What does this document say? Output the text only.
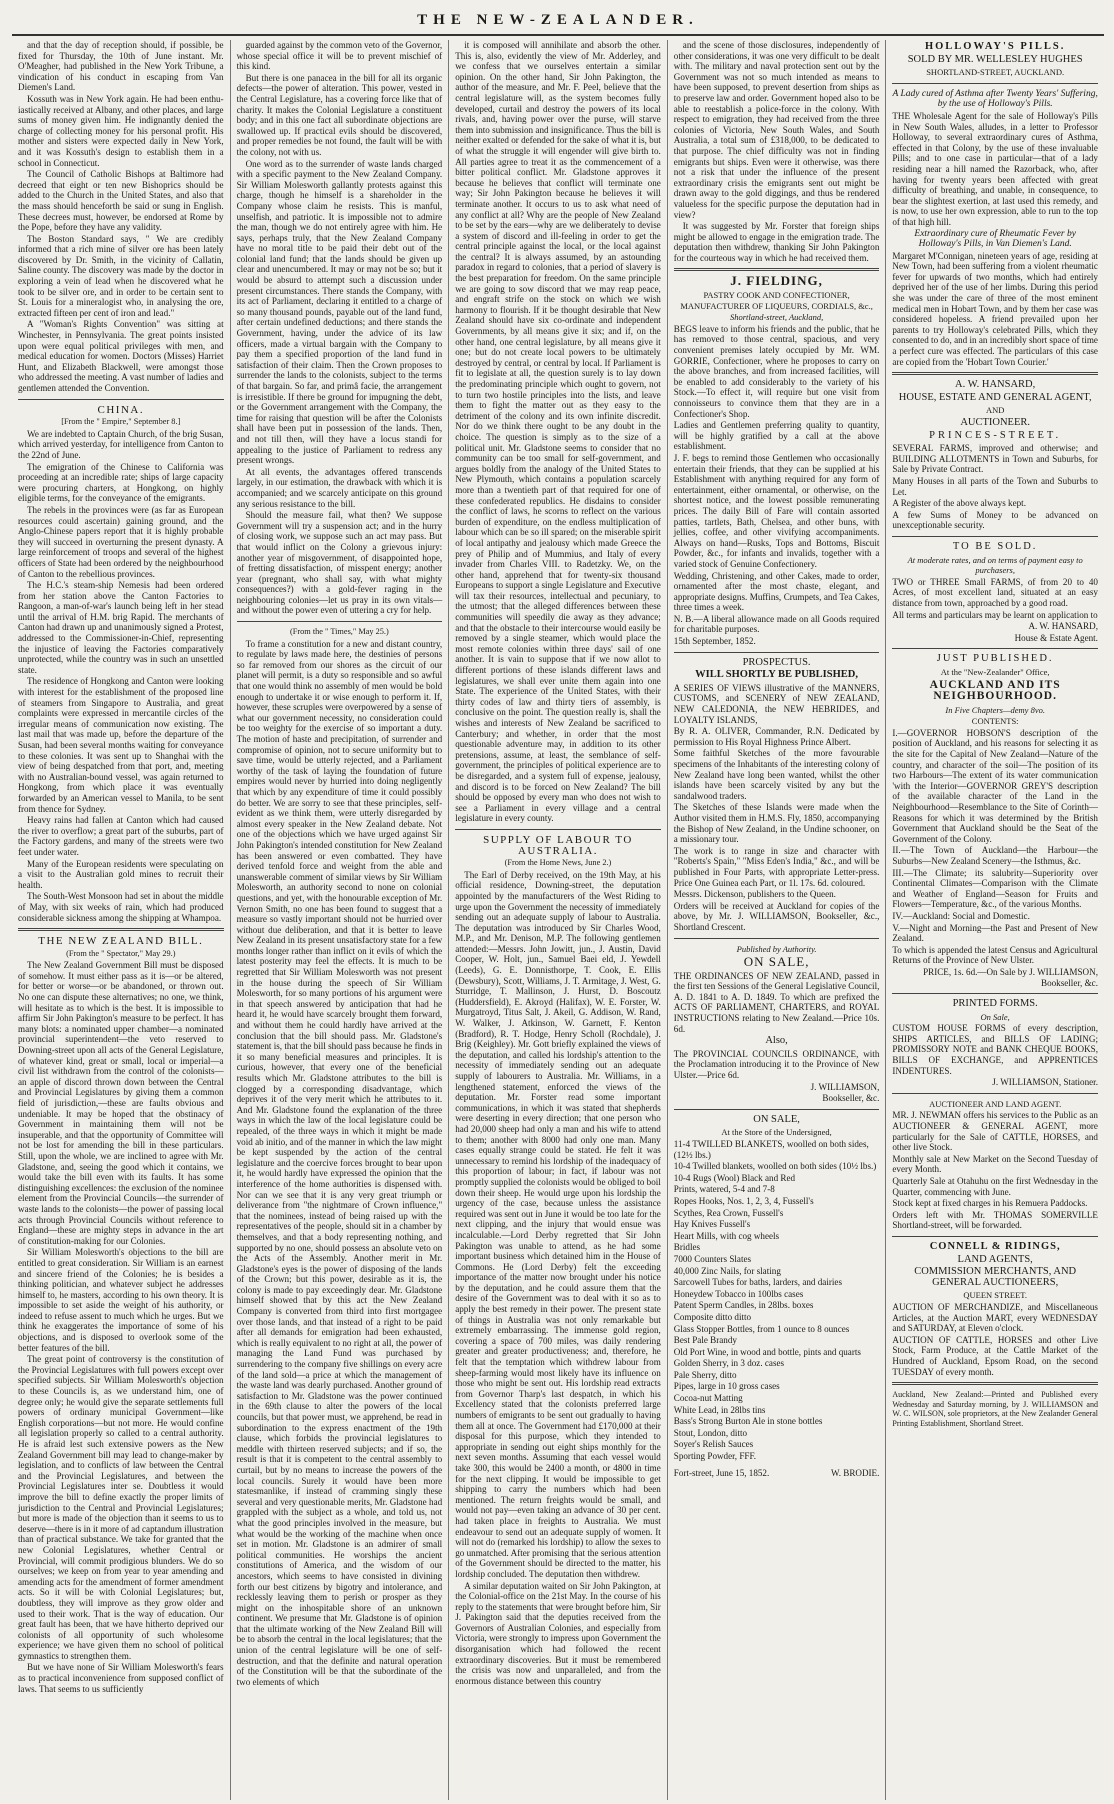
THE NEW-ZEALANDER.

and that the day of reception should, if possible, be fixed for Thursday, the 10th of June instant. Mr. O'Meagher, had published in the New York Tribune, a vindication of his conduct in escaping from Van Diemen's Land.

Kossuth was in New York again. He had been enthu-iastically received at Albany, and other places, and large sums of money given him. He indignantly denied the charge of collecting money for his personal profit. His mother and sisters were expected daily in New York, and it was Kossuth's design to establish them in a school in Connecticut.

The Council of Catholic Bishops at Baltimore had decreed that eight or ten new Bishoprics should be added to the Church in the United States, and also that the mass should henceforth be said or sung in English. These decrees must, however, be endorsed at Rome by the Pope, before they have any validity.

The Boston Standard says, " We are credibly informed that a rich mine of silver ore has been lately discovered by Dr. Smith, in the vicinity of Callatin, Saline county. The discovery was made by the doctor in exploring a vein of lead when he discovered what he took to be silver ore, and in order to be certain sent to St. Louis for a mineralogist who, in analysing the ore, extracted fifteen per cent of iron and lead."

A "Woman's Rights Convention" was sitting at Winchester, in Pennsylvania. The great points insisted upon were equal political privileges with men, and medical education for women. Doctors (Misses) Harriet Hunt, and Elizabeth Blackwell, were amongst those who addressed the meeting. A vast number of ladies and gentlemen attended the Convention.

CHINA.

[From the " Empire," September 8.]

We are indebted to Captain Church, of the brig Susan, which arrived yesterday, for intelligence from Canton to the 22nd of June.

The emigration of the Chinese to California was proceeding at an incredible rate; ships of large capacity were procuring charters, at Hongkong, on highly eligible terms, for the conveyance of the emigrants.

The rebels in the provinces were (as far as European resources could ascertain) gaining ground, and the Anglo-Chinese papers report that it is highly probable they will succeed in overturning the present dynasty. A large reinforcement of troops and several of the highest officers of State had been ordered by the neighbourhood of Canton to the rebellious provinces.

The H.C.'s steam-ship Nemesis had been ordered from her station above the Canton Factories to Rangoon, a man-of-war's launch being left in her stead until the arrival of H.M. brig Rapid. The merchants of Canton had drawn up and unanimously signed a Protest, addressed to the Commissioner-in-Chief, representing the injustice of leaving the Factories comparatively unprotected, while the country was in such an unsettled state.

The residence of Hongkong and Canton were looking with interest for the establishment of the proposed line of steamers from Singapore to Australia, and great complaints were expressed in mercantile circles of the irregular means of communication now existing. The last mail that was made up, before the departure of the Susan, had been several months waiting for conveyance to these colonies. It was sent up to Shanghai with the view of being despatched from that port, and, meeting with no Australian-bound vessel, was again returned to Hongkong, from which place it was eventually forwarded by an American vessel to Manila, to be sent from thence for Sydney.

Heavy rains had fallen at Canton which had caused the river to overflow; a great part of the suburbs, part of the Factory gardens, and many of the streets were two feet under water.

Many of the European residents were speculating on a visit to the Australian gold mines to recruit their health.

The South-West Monsoon had set in about the middle of May, with six weeks of rain, which had produced considerable sickness among the shipping at Whampoa.

THE NEW ZEALAND BILL.

(From the " Spectator," May 29.)

The New Zealand Government Bill must be disposed of somehow. It must either pass as it is—or be altered, for better or worse—or be abandoned, or thrown out. No one can dispute these alternatives; no one, we think, will hesitate as to which is the best. It is impossible to affirm Sir John Pakington's measure to be perfect. It has many blots: a nominated upper chamber—a nominated provincial superintendent—the veto reserved to Downing-street upon all acts of the General Legislature, of whatever kind, great or small, local or imperial—a civil list withdrawn from the control of the colonists—an apple of discord thrown down between the Central and Provincial Legislatures by giving them a common field of jurisdiction,—these are faults obvious and undeniable. It may be hoped that the obstinacy of Government in maintaining them will not be insuperable, and that the opportunity of Committee will not be lost for amending the bill in these particulars. Still, upon the whole, we are inclined to agree with Mr. Gladstone, and, seeing the good which it contains, we would take the bill even with its faults. It has some distinguishing excellences: the exclusion of the nominee element from the Provincial Councils—the surrender of waste lands to the colonists—the power of passing local acts through Provincial Councils without reference to England—these are mighty steps in advance in the art of constitution-making for our Colonies.

Sir William Molesworth's objections to the bill are entitled to great consideration. Sir William is an earnest and sincere friend of the Colonies; he is besides a thinking politician, and whatever subject he addresses himself to, he masters, according to his own theory. It is impossible to set aside the weight of his authority, or indeed to refuse assent to much which he urges. But we think he exaggerates the importance of some of his objections, and is disposed to overlook some of the better features of the bill.

The great point of controversy is the constitution of the Provincial Legislatures with full powers except over specified subjects. Sir William Molesworth's objection to these Councils is, as we understand him, one of degree only; he would give the separate settlements full powers of ordinary municipal Government—like English corporations—but not more. He would confine all legislation properly so called to a central authority. He is afraid lest such extensive powers as the New Zealand Government bill may lead to change-maker by legislation, and to conflicts of law between the Central and the Provincial Legislatures, and between the Provincial Legislatures inter se. Doubtless it would improve the bill to define exactly the proper limits of jurisdiction to the Central and Provincial Legislatures; but more is made of the objection than it seems to us to deserve—there is in it more of ad captandum illustration than of practical substance. We take for granted that the new Colonial Legislatures, whether Central or Provincial, will commit prodigious blunders. We do so ourselves; we keep on from year to year amending and amending acts for the amendment of former amendment acts. So it will be with Colonial Legislatures; but, doubtless, they will improve as they grow older and used to their work. That is the way of education. Our great fault has been, that we have hitherto deprived our colonists of all opportunity of such wholesome experience; we have given them no school of political gymnastics to strengthen them.

But we have none of Sir William Molesworth's fears as to practical inconvenience from supposed conflict of laws. That seems to us sufficiently

guarded against by the common veto of the Governor, whose special office it will be to prevent mischief of this kind.

But there is one panacea in the bill for all its organic defects—the power of alteration. This power, vested in the Central Legislature, has a covering force like that of charity. It makes the Colonial Legislature a constituent body; and in this one fact all subordinate objections are swallowed up. If practical evils should be discovered, and proper remedies be not found, the fault will be with the colony, not with us.

One word as to the surrender of waste lands charged with a specific payment to the New Zealand Company. Sir William Molesworth gallantly protests against this charge, though he himself is a shareholder in the Company whose claim he resists. This is manful, unselfish, and patriotic. It is impossible not to admire the man, though we do not entirely agree with him. He says, perhaps truly, that the New Zealand Company have no moral title to be paid their debt out of the colonial land fund; that the lands should be given up clear and unencumbered. It may or may not be so; but it would be absurd to attempt such a discussion under present circumstances. There stands the Company, with its act of Parliament, declaring it entitled to a charge of so many thousand pounds, payable out of the land fund, after certain undefined deductions; and there stands the Government, having, under the advice of its law officers, made a virtual bargain with the Company to pay them a specified proportion of the land fund in satisfaction of their claim. Then the Crown proposes to surrender the lands to the colonists, subject to the terms of that bargain. So far, and primâ facie, the arrangement is irresistible. If there be ground for impugning the debt, or the Government arrangement with the Company, the time for raising that question will be after the Colonists shall have been put in possession of the lands. Then, and not till then, will they have a locus standi for appealing to the justice of Parliament to redress any present wrongs.

At all events, the advantages offered transcends largely, in our estimation, the drawback with which it is accompanied; and we scarcely anticipate on this ground any serious resistance to the bill.

Should the measure fail, what then? We suppose Government will try a suspension act; and in the hurry of closing work, we suppose such an act may pass. But that would inflict on the Colony a grievous injury: another year of misgovernment, of disappointed hope, of fretting dissatisfaction, of misspent energy; another year (pregnant, who shall say, with what mighty consequences?) with a gold-fever raging in the neighbouring colonies—let us pray in its own vitals—and without the power even of uttering a cry for help.

(From the " Times," May 25.)

To frame a constitution for a new and distant country, to regulate by laws made here, the destinies of persons so far removed from our shores as the circuit of our planet will permit, is a duty so responsible and so awful that one would think no assembly of men would be bold enough to undertake it or wise enough to perform it. If, however, these scruples were overpowered by a sense of what our government necessity, no consideration could be too weighty for the exercise of so important a duty. The motion of haste and precipitation, of surrender and compromise of opinion, not to secure uniformity but to save time, would be utterly rejected, and a Parliament worthy of the task of laying the foundation of future empires would never by hurried into doing negligently that which by any expenditure of time it could possibly do better. We are sorry to see that these principles, self-evident as we think them, were utterly disregarded by almost every speaker in the New Zealand debate. Not one of the objections which we have urged against Sir John Pakington's intended constitution for New Zealand has been answered or even combatted. They have derived tenfold force and weight from the able and unanswerable comment of similar views by Sir William Molesworth, an authority second to none on colonial questions, and yet, with the honourable exception of Mr. Vernon Smith, no one has been found to suggest that a measure so vastly important should not be hurried over without due deliberation, and that it is better to leave New Zealand in its present unsatisfactory state for a few months longer rather than inflict on it evils of which the latest posterity may feel the effects. It is much to be regretted that Sir William Molesworth was not present in the house during the speech of Sir William Molesworth, for so many portions of his argument were in that speech answered by anticipation that had he heard it, he would have scarcely brought them forward, and without them he could hardly have arrived at the conclusion that the bill should pass. Mr. Gladstone's statement is, that the bill should pass because he finds in it so many beneficial measures and principles. It is curious, however, that every one of the beneficial results which Mr. Gladstone attributes to the bill is clogged by a corresponding disadvantage, which deprives it of the very merit which he attributes to it. And Mr. Gladstone found the explanation of the three ways in which the law of the local legislature could be repealed, of the three ways in which it might be made void ab initio, and of the manner in which the law might be kept suspended by the action of the central legislature and the coercive forces brought to bear upon it, he would hardly have expressed the opinion that the interference of the home authorities is dispensed with. Nor can we see that it is any very great triumph or deliverance from "the nightmare of Crown influence," that the nominees, instead of being raised up with the representatives of the people, should sit in a chamber by themselves, and that a body representing nothing, and supported by no one, should possess an absolute veto on the Acts of the Assembly. Another merit in Mr. Gladstone's eyes is the power of disposing of the lands of the Crown; but this power, desirable as it is, the colony is made to pay exceedingly dear. Mr. Gladstone himself showed that by this act the New Zealand Company is converted from third into first mortgagee over those lands, and that instead of a right to be paid after all demands for emigration had been exhausted, which is really equivalent to no right at all, the power of managing the Land Fund was purchased by surrendering to the company five shillings on every acre of the land sold—a price at which the management of the waste land was dearly purchased. Another ground of satisfaction to Mr. Gladstone was the power continued in the 69th clause to alter the powers of the local councils, but that power must, we apprehend, be read in subordination to the express enactment of the 19th clause, which forbids the provincial legislatures to meddle with thirteen reserved subjects; and if so, the result is that it is competent to the central assembly to curtail, but by no means to increase the powers of the local councils. Surely it would have been more statesmanlike, if instead of cramming singly these several and very questionable merits, Mr. Gladstone had grappled with the subject as a whole, and told us, not what the good principles involved in the measure, but what would be the working of the machine when once set in motion. Mr. Gladstone is an admirer of small political communities. He worships the ancient constitutions of America, and the wisdom of our ancestors, which seems to have consisted in divining forth our best citizens by bigotry and intolerance, and recklessly leaving them to perish or prosper as they might on the inhospitable shore of an unknown continent. We presume that Mr. Gladstone is of opinion that the ultimate working of the New Zealand Bill will be to absorb the central in the local legislatures; that the union of the central legislature will be one of self-destruction, and that the definite and natural operation of the Constitution will be that the subordinate of the two elements of which

it is composed will annihilate and absorb the other. This is, also, evidently the view of Mr. Adderley, and we confess that we ourselves entertain a similar opinion. On the other hand, Sir John Pakington, the author of the measure, and Mr. F. Peel, believe that the central legislature will, as the system becomes fully developed, curtail and destroy the powers of its local rivals, and, having power over the purse, will starve them into submission and insignificance. Thus the bill is neither exalted or defended for the sake of what it is, but of what the struggle it will engender will give birth to. All parties agree to treat it as the commencement of a bitter political conflict. Mr. Gladstone approves it because he believes that conflict will terminate one way; Sir John Pakington because he believes it will terminate another. It occurs to us to ask what need of any conflict at all? Why are the people of New Zealand to be set by the ears—why are we deliberately to devise a system of discord and ill-feeling in order to get the central principle against the local, or the local against the central? It is always assumed, by an astounding paradox in regard to colonies, that a period of slavery is the best preparation for freedom. On the same principle we are going to sow discord that we may reap peace, and engraft strife on the stock on which we wish harmony to flourish. If it be thought desirable that New Zealand should have six co-ordinate and independent Governments, by all means give it six; and if, on the other hand, one central legislature, by all means give it one; but do not create local powers to be ultimately destroyed by central, or central by local. If Parliament is fit to legislate at all, the question surely is to lay down the predominating principle which ought to govern, not to turn two hostile principles into the lists, and leave them to fight the matter out as they easy to the detriment of the colony and its own infinite discredit. Nor do we think there ought to be any doubt in the choice. The question is simply as to the size of a political unit. Mr. Gladstone seems to consider that no community can be too small for self-government, and argues boldly from the analogy of the United States to New Plymouth, which contains a population scarcely more than a twentieth part of that required for one of these confederated republics. He disdains to consider the conflict of laws, he scorns to reflect on the various burden of expenditure, on the endless multiplication of labour which can be so ill spared; on the miserable spirit of local antipathy and jealousy which made Greece the prey of Philip and of Mummius, and Italy of every invader from Charles VIII. to Radetzky. We, on the other hand, apprehend that for twenty-six thousand Europeans to support a single Legislature and Executive will tax their resources, intellectual and pecuniary, to the utmost; that the alleged differences between these communities will speedily die away as they advance; and that the obstacle to their intercourse would easily be removed by a single steamer, which would place the most remote colonies within three days' sail of one another. It is vain to suppose that if we now allot to different portions of these islands different laws and legislatures, we shall ever unite them again into one State. The experience of the United States, with their thirty codes of law and thirty tiers of assembly, is conclusive on the point. The question really is, shall the wishes and interests of New Zealand be sacrificed to Canterbury; and whether, in order that the most questionable adventure may, in addition to its other pretensions, assume, at least, the semblance of self-government, the principles of political experience are to be disregarded, and a system full of expense, jealousy, and discord is to be forced on New Zealand? The bill should be opposed by every man who does not wish to see a Parliament in every village and a central legislature in every county.

SUPPLY OF LABOUR TO AUSTRALIA.

(From the Home News, June 2.)

The Earl of Derby received, on the 19th May, at his official residence, Downing-street, the deputation appointed by the manufacturers of the West Riding to urge upon the Government the necessity of immediately sending out an adequate supply of labour to Australia. The deputation was introduced by Sir Charles Wood, M.P., and Mr. Denison, M.P. The following gentlemen attended:—Messrs. John Jowitt, jun., J. Austin, David Cooper, W. Holt, jun., Samuel Baei eld, J. Yewdell (Leeds), G. E. Donnisthorpe, T. Cook, E. Ellis (Dewsbury), Scott, Williams, J. T. Armitage, J. West, G. Sturridge, T. Mallinson, J. Hurst, D. Boscoutz (Huddersfield), E. Akroyd (Halifax), W. E. Forster, W. Murgatroyd, Titus Salt, J. Akeil, G. Addison, W. Rand, W. Walker, J. Atkinson, W. Garnett, F. Kenton (Bradford), R. T. Hodge, Henry Scholl (Rochdale), J. Brig (Keighley). Mr. Gott briefly explained the views of the deputation, and called his lordship's attention to the necessity of immediately sending out an adequate supply of labourers to Australia. Mr. Williams, in a lengthened statement, enforced the views of the deputation. Mr. Forster read some important communications, in which it was stated that shepherds were deserting in every direction; that one person who had 20,000 sheep had only a man and his wife to attend to them; another with 8000 had only one man. Many cases equally strange could be stated. He felt it was unnecessary to remind his lordship of the inadequacy of this proportion of labour; in fact, if labour was not promptly supplied the colonists would be obliged to boil down their sheep. He would urge upon his lordship the urgency of the case, because unless the assistance required was sent out in June it would be too late for the next clipping, and the injury that would ensue was incalculable.—Lord Derby regretted that Sir John Pakington was unable to attend, as he had some important business which detained him in the House of Commons. He (Lord Derby) felt the exceeding importance of the matter now brought under his notice by the deputation, and he could assure them that the desire of the Government was to deal with it so as to apply the best remedy in their power. The present state of things in Australia was not only remarkable but extremely embarrassing. The immense gold region, covering a space of 700 miles, was daily rendering greater and greater productiveness; and, therefore, he felt that the temptation which withdrew labour from sheep-farming would most likely have its influence on those who might be sent out. His lordship read extracts from Governor Tharp's last despatch, in which his Excellency stated that the colonists preferred large numbers of emigrants to be sent out gradually to having them all at once. The Government had £170,000 at their disposal for this purpose, which they intended to appropriate in sending out eight ships monthly for the next seven months. Assuming that each vessel would take 300, this would be 2400 a month, or 4800 in time for the next clipping. It would be impossible to get shipping to carry the numbers which had been mentioned. The return freights would be small, and would not pay—even taking an advance of 30 per cent. had taken place in freights to Australia. We must endeavour to send out an adequate supply of women. It will not do (remarked his lordship) to allow the sexes to go unmatched. After promising that the serious attention of the Government should be directed to the matter, his lordship concluded. The deputation then withdrew.

A similar deputation waited on Sir John Pakington, at the Colonial-office on the 21st May. In the course of his reply to the statements that were brought before him, Sir J. Pakington said that the deputies received from the Governors of Australian Colonies, and especially from Victoria, were strongly to impress upon Government the disorganisation which had followed the recent extraordinary discoveries. But it must be remembered the crisis was now and unparalleled, and from the enormous distance between this country

and the scene of those disclosures, independently of other considerations, it was one very difficult to be dealt with. The military and naval protection sent out by the Government was not so much intended as means to have been supposed, to prevent desertion from ships as to preserve law and order. Government hoped also to be able to reestablish a police-force in the colony. With respect to emigration, they had received from the three colonies of Victoria, New South Wales, and South Australia, a total sum of £318,000, to be dedicated to that purpose. The chief difficulty was not in finding emigrants but ships. Even were it otherwise, was there not a risk that under the influence of the present extraordinary crisis the emigrants sent out might be drawn away to the gold diggings, and thus be rendered valueless for the specific purpose the deputation had in view?

It was suggested by Mr. Forster that foreign ships might be allowed to engage in the emigration trade. The deputation then withdrew, thanking Sir John Pakington for the courteous way in which he had received them.

J. FIELDING,
PASTRY COOK AND CONFECTIONER, MANUFACTURER OF LIQUEURS, CORDIALS, &c.,
Shortland-street, Auckland,

BEGS leave to inform his friends and the public, that he has removed to those central, spacious, and very convenient premises lately occupied by Mr. WM. GORRIE, Confectioner, where he proposes to carry on the above branches, and from increased facilities, will be enabled to add considerably to the variety of his Stock.—To effect it, will require but one visit from connoisseurs to convince them that they are in a Confectioner's Shop.

Ladies and Gentlemen preferring quality to quantity, will be highly gratified by a call at the above establishment.

J. F. begs to remind those Gentlemen who occasionally entertain their friends, that they can be supplied at his Establishment with anything required for any form of entertainment, either ornamental, or otherwise, on the shortest notice, and the lowest possible remunerating prices. The daily Bill of Fare will contain assorted patties, tartlets, Bath, Chelsea, and other buns, with jellies, coffee, and other vivifying accompaniments. Always on hand—Rusks, Tops and Bottoms, Biscuit Powder, &c., for infants and invalids, together with a varied stock of Genuine Confectionery.

Wedding, Christening, and other Cakes, made to order, ornamented after the most chaste, elegant, and appropriate designs. Muffins, Crumpets, and Tea Cakes, three times a week.

N. B.—A liberal allowance made on all Goods required for charitable purposes.

15th September, 1852.

PROSPECTUS.
WILL SHORTLY BE PUBLISHED,

A SERIES OF VIEWS illustrative of the MANNERS, CUSTOMS, and SCENERY of NEW ZEALAND, NEW CALEDONIA, the NEW HEBRIDES, and LOYALTY ISLANDS,

By R. A. OLIVER, Commander, R.N. Dedicated by permission to His Royal Highness Prince Albert.

Some faithful Sketches of the more favourable specimens of the Inhabitants of the interesting colony of New Zealand have long been wanted, whilst the other islands have been scarcely visited by any but the sandalwood traders.

The Sketches of these Islands were made when the Author visited them in H.M.S. Fly, 1850, accompanying the Bishop of New Zealand, in the Undine schooner, on a missionary tour.

The work is to range in size and character with "Roberts's Spain," "Miss Eden's India," &c., and will be published in Four Parts, with appropriate Letter-press. Price One Guinea each Part, or 1l. 17s. 6d. coloured.

Messrs. Dickenson, publishers to the Queen.

Orders will be received at Auckland for copies of the above, by Mr. J. WILLIAMSON, Bookseller, &c., Shortland Crescent.

Published by Authority.
ON SALE,

THE ORDINANCES OF NEW ZEALAND, passed in the first ten Sessions of the General Legislative Council, A. D. 1841 to A. D. 1849. To which are prefixed the ACTS OF PARLIAMENT, CHARTERS, and ROYAL INSTRUCTIONS relating to New Zealand.—Price 10s. 6d.

Also,

The PROVINCIAL COUNCILS ORDINANCE, with the Proclamation introducing it to the Province of New Ulster.—Price 6d.

J. WILLIAMSON,

Bookseller, &c.

ON SALE,
At the Store of the Undersigned,

11-4 TWILLED BLANKETS, woolled on both sides, (12½ lbs.)

10-4 Twilled blankets, woolled on both sides (10½ lbs.)

10-4 Rugs (Wool) Black and Red

Prints, watered, 5-4 and 7-8

Ropes Hooks, Nos. 1, 2, 3, 4, Fussell's

Scythes, Rea Crown, Fussell's

Hay Knives Fussell's

Heart Mills, with cog wheels

Bridles

7000 Counters Slates

40,000 Zinc Nails, for slating

Sarcowell Tubes for baths, larders, and dairies

Honeydew Tobacco in 100lbs cases

Patent Sperm Candles, in 28lbs. boxes

Composite ditto ditto

Glass Stopper Bottles, from 1 ounce to 8 ounces

Best Pale Brandy

Old Port Wine, in wood and bottle, pints and quarts

Golden Sherry, in 3 doz. cases

Pale Sherry, ditto

Pipes, large in 10 gross cases

Cocoa-nut Matting

White Lead, in 28lbs tins

Bass's Strong Burton Ale in stone bottles

Stout, London, ditto

Soyer's Relish Sauces

Sporting Powder, FFF.

Fort-street, June 15, 1852.	W. BRODIE.
HOLLOWAY'S PILLS.
SOLD BY MR. WELLESLEY HUGHES
SHORTLAND-STREET, AUCKLAND.
A Lady cured of Asthma after Twenty Years' Suffering, by the use of Holloway's Pills.

THE Wholesale Agent for the sale of Holloway's Pills in New South Wales, alludes, in a letter to Professor Holloway, to several extraordinary cures of Asthma, effected in that Colony, by the use of these invaluable Pills; and to one case in particular—that of a lady residing near a hill named the Razorback, who, after having for twenty years been affected with great difficulty of breathing, and unable, in consequence, to bear the slightest exertion, at last used this remedy, and is now, to use her own expression, able to run to the top of that high hill.

Extraordinary cure of Rheumatic Fever by Holloway's Pills, in Van Diemen's Land.

Margaret M'Connigan, nineteen years of age, residing at New Town, had been suffering from a violent rheumatic fever for upwards of two months, which had entirely deprived her of the use of her limbs. During this period she was under the care of three of the most eminent medical men in Hobart Town, and by them her case was considered hopeless. A friend prevailed upon her parents to try Holloway's celebrated Pills, which they consented to do, and in an incredibly short space of time a perfect cure was effected. The particulars of this case are copied from the 'Hobart Town Courier.'

A. W. HANSARD,
HOUSE, ESTATE AND GENERAL AGENT,
AND
AUCTIONEER.
PRINCES-STREET.

SEVERAL FARMS, improved and otherwise; and BUILDING ALLOTMENTS in Town and Suburbs, for Sale by Private Contract.

Many Houses in all parts of the Town and Suburbs to Let.

A Register of the above always kept.

A few Sums of Money to be advanced on unexceptionable security.

TO BE SOLD.
At moderate rates, and on terms of payment easy to purchasers,

TWO or THREE Small FARMS, of from 20 to 40 Acres, of most excellent land, situated at an easy distance from town, approached by a good road.

All terms and particulars may be learnt on application to

A. W. HANSARD,

House & Estate Agent.

JUST PUBLISHED.
At the "New-Zealander" Office,
AUCKLAND AND ITS NEIGHBOURHOOD.
In Five Chapters—demy 8vo.
CONTENTS:

I.—GOVERNOR HOBSON'S description of the position of Auckland, and his reasons for selecting it as the site for the Capital of New Zealand—Nature of the country, and character of the soil—The position of its two Harbours—The extent of its water communication 'with the Interior—GOVERNOR GREY'S description of the available character of the Land in the Neighbourhood—Resemblance to the Site of Corinth—Reasons for which it was determined by the British Government that Auckland should be the Seat of the Government of the Colony.

II.—The Town of Auckland—the Harbour—the Suburbs—New Zealand Scenery—the Isthmus, &c.

III.—The Climate; its salubrity—Superiority over Continental Climates—Comparison with the Climate and Weather of England—Season for Fruits and Flowers—Temperature, &c., of the various Months.

IV.—Auckland: Social and Domestic.

V.—Night and Morning—the Past and Present of New Zealand.

To which is appended the latest Census and Agricultural Returns of the Province of New Ulster.

PRICE, 1s. 6d.—On Sale by J. WILLIAMSON, Bookseller, &c.

PRINTED FORMS.
On Sale,

CUSTOM HOUSE FORMS of every description, SHIPS ARTICLES, and BILLS OF LADING; PROMISSORY NOTE and BANK CHEQUE BOOKS, BILLS OF EXCHANGE, and APPRENTICES INDENTURES.

J. WILLIAMSON, Stationer.

AUCTIONEER AND LAND AGENT.

MR. J. NEWMAN offers his services to the Public as an AUCTIONEER & GENERAL AGENT, more particularly for the Sale of CATTLE, HORSES, and other live Stock.

Monthly sale at New Market on the Second Tuesday of every Month.

Quarterly Sale at Otahuhu on the first Wednesday in the Quarter, commencing with June.

Stock kept at fixed charges in his Remuera Paddocks.

Orders left with Mr. THOMAS SOMERVILLE Shortland-street, will be forwarded.

CONNELL & RIDINGS,
LAND AGENTS,
COMMISSION MERCHANTS, AND GENERAL AUCTIONEERS,
QUEEN STREET.

AUCTION OF MERCHANDIZE, and Miscellaneous Articles, at the Auction MART, every WEDNESDAY and SATURDAY, at Eleven o'clock.

AUCTION OF CATTLE, HORSES and other Live Stock, Farm Produce, at the Cattle Market of the Hundred of Auckland, Epsom Road, on the second TUESDAY of every month.

Auckland, New Zealand:—Printed and Published every Wednesday and Saturday morning, by J. WILLIAMSON and W. C. WILSON, sole proprietors, at the New Zealander General Printing Establishment, Shortland Street.
